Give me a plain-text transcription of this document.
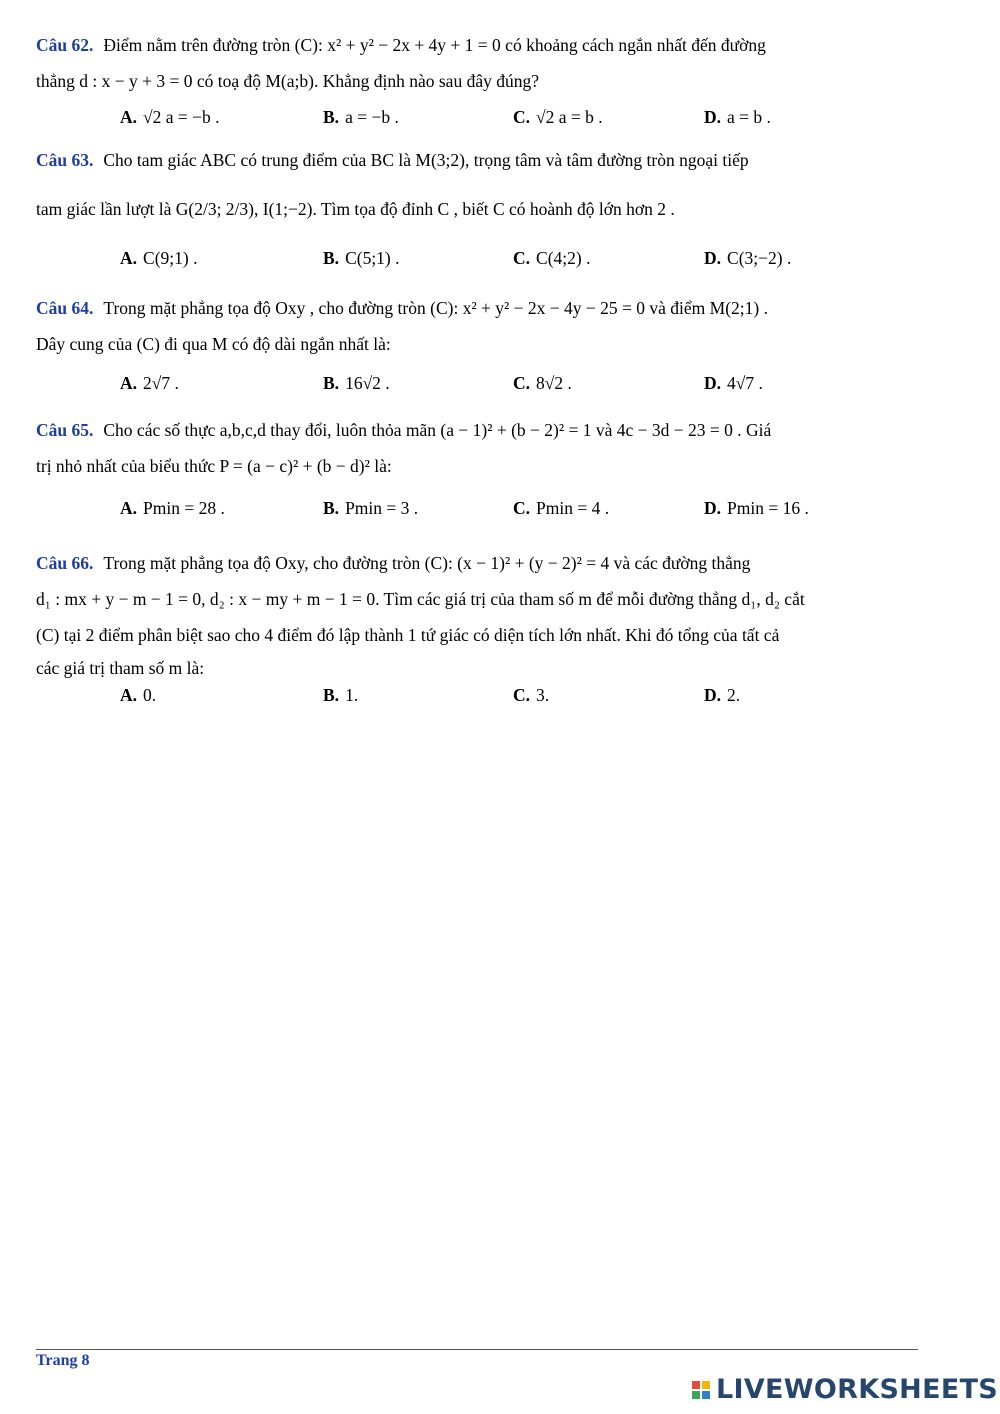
Câu 62. Điểm nằm trên đường tròn (C): x² + y² − 2x + 4y + 1 = 0 có khoảng cách ngắn nhất đến đường
thẳng d : x − y + 3 = 0 có toạ độ M(a;b). Khẳng định nào sau đây đúng?
A. √2 a = −b .	B. a = −b .	C. √2 a = b .	D. a = b .
Câu 63. Cho tam giác ABC có trung điểm của BC là M(3;2), trọng tâm và tâm đường tròn ngoại tiếp
tam giác lần lượt là G(2/3; 2/3), I(1;−2). Tìm tọa độ đỉnh C , biết C có hoành độ lớn hơn 2 .
A. C(9;1) .	B. C(5;1) .	C. C(4;2) .	D. C(3;−2) .
Câu 64. Trong mặt phẳng tọa độ Oxy , cho đường tròn (C): x² + y² − 2x − 4y − 25 = 0 và điểm M(2;1) .
Dây cung của (C) đi qua M có độ dài ngắn nhất là:
A. 2√7 .	B. 16√2 .	C. 8√2 .	D. 4√7 .
Câu 65. Cho các số thực a,b,c,d thay đổi, luôn thỏa mãn (a − 1)² + (b − 2)² = 1 và 4c − 3d − 23 = 0 . Giá
trị nhỏ nhất của biểu thức P = (a − c)² + (b − d)² là:
A. Pmin = 28 .	B. Pmin = 3 .	C. Pmin = 4 .	D. Pmin = 16 .
Câu 66. Trong mặt phẳng tọa độ Oxy, cho đường tròn (C): (x − 1)² + (y − 2)² = 4 và các đường thẳng
d₁ : mx + y − m − 1 = 0, d₂ : x − my + m − 1 = 0. Tìm các giá trị của tham số m để mỗi đường thẳng d₁, d₂ cắt
(C) tại 2 điểm phân biệt sao cho 4 điểm đó lập thành 1 tứ giác có diện tích lớn nhất. Khi đó tổng của tất cả
các giá trị tham số m là:
A. 0.	B. 1.	C. 3.	D. 2.
Trang 8
LIVEWORKSHEETS
